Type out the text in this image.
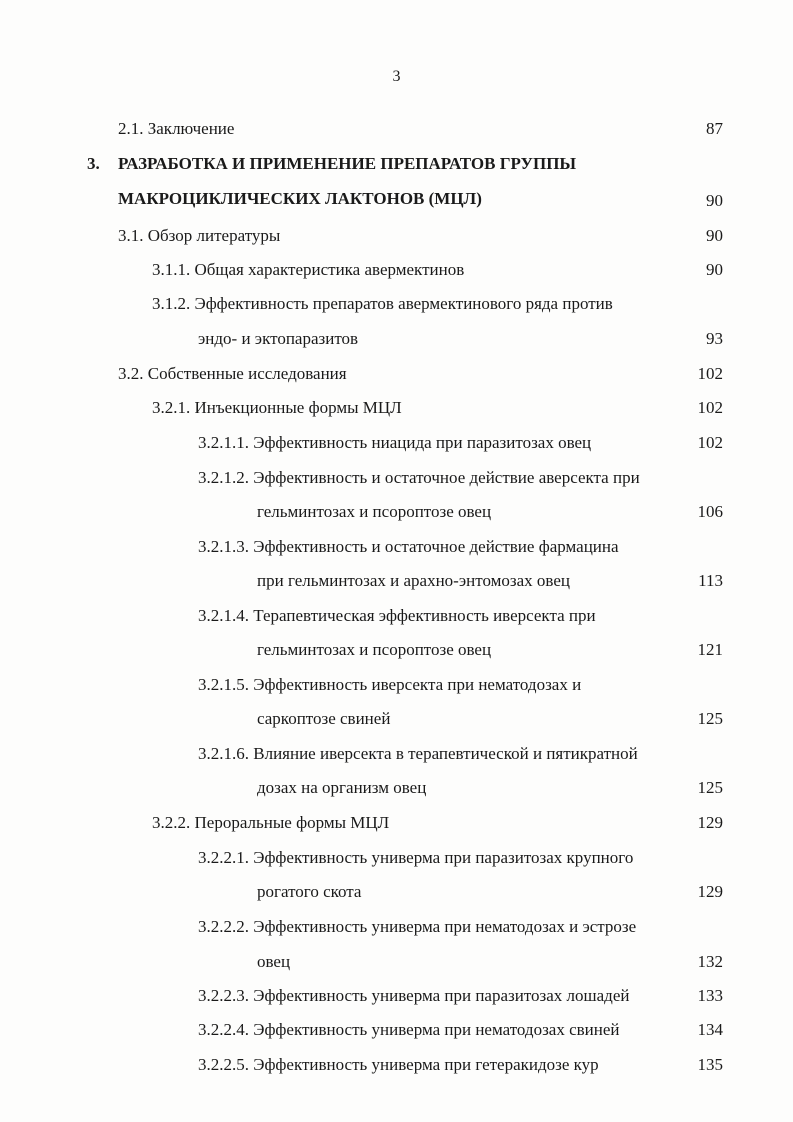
3
2.1. Заключение	87
3. РАЗРАБОТКА И ПРИМЕНЕНИЕ ПРЕПАРАТОВ ГРУППЫ
МАКРОЦИКЛИЧЕСКИХ ЛАКТОНОВ (МЦЛ)	90
3.1. Обзор литературы	90
3.1.1. Общая характеристика авермектинов	90
3.1.2. Эффективность препаратов авермектинового ряда против
эндо- и эктопаразитов	93
3.2. Собственные исследования	102
3.2.1. Инъекционные формы МЦЛ	102
3.2.1.1. Эффективность ниацида при паразитозах овец	102
3.2.1.2. Эффективность и остаточное действие аверсекта при
гельминтозах и псороптозе овец	106
3.2.1.3. Эффективность и остаточное действие фармацина
при гельминтозах и арахно-энтомозах овец	113
3.2.1.4. Терапевтическая эффективность иверсекта при
гельминтозах и псороптозе овец	121
3.2.1.5. Эффективность иверсекта при нематодозах и
саркоптозе свиней	125
3.2.1.6. Влияние иверсекта в терапевтической и пятикратной
дозах на организм овец	125
3.2.2. Пероральные формы МЦЛ	129
3.2.2.1. Эффективность универма при паразитозах крупного
рогатого скота	129
3.2.2.2. Эффективность универма при нематодозах и эстрозе
овец	132
3.2.2.3. Эффективность универма при паразитозах лошадей	133
3.2.2.4. Эффективность универма при нематодозах свиней	134
3.2.2.5. Эффективность универма при гетеракидозе кур	135
